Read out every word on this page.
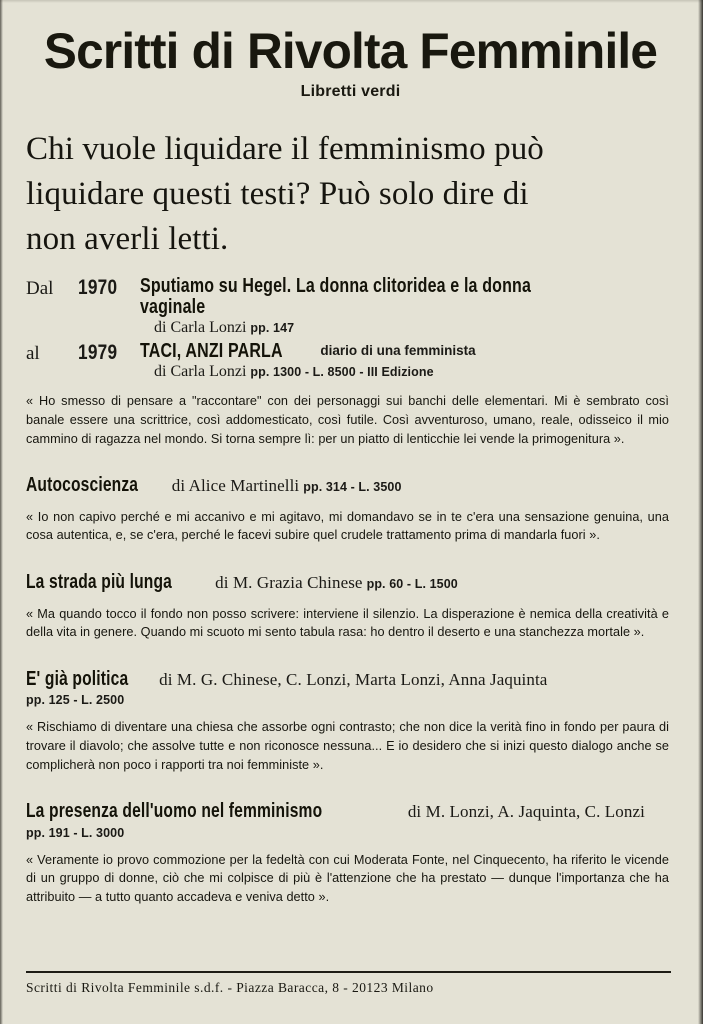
Scritti di Rivolta Femminile
Libretti verdi
Chi vuole liquidare il femminismo può
liquidare questi testi? Può solo dire di
non averli letti.
Dal	1970	Sputiamo su Hegel. La donna clitoridea e la donna vaginale
di Carla Lonzi pp. 147
al	1979	TACI, ANZI PARLA	diario di una femminista
di Carla Lonzi pp. 1300 - L. 8500 - III Edizione
« Ho smesso di pensare a "raccontare" con dei personaggi sui banchi delle elementari. Mi è sembrato così banale essere una scrittrice, così addomesticato, così futile. Così avventuroso, umano, reale, odisseico il mio cammino di ragazza nel mondo. Si torna sempre lì: per un piatto di lenticchie lei vende la primogenitura ».
Autocoscienza di Alice Martinelli pp. 314 - L. 3500
« Io non capivo perché e mi accanivo e mi agitavo, mi domandavo se in te c'era una sensazione genuina, una cosa autentica, e, se c'era, perché le facevi subire quel crudele trattamento prima di mandarla fuori ».
La strada più lunga	di M. Grazia Chinese pp. 60 - L. 1500
« Ma quando tocco il fondo non posso scrivere: interviene il silenzio. La disperazione è nemica della creatività e della vita in genere. Quando mi scuoto mi sento tabula rasa: ho dentro il deserto e una stanchezza mortale ».
E' già politica di M. G. Chinese, C. Lonzi, Marta Lonzi, Anna Jaquinta
pp. 125 - L. 2500
« Rischiamo di diventare una chiesa che assorbe ogni contrasto; che non dice la verità fino in fondo per paura di trovare il diavolo; che assolve tutte e non riconosce nessuna... E io desidero che si inizi questo dialogo anche se complicherà non poco i rapporti tra noi femministe ».
La presenza dell'uomo nel femminismo	di M. Lonzi, A. Jaquinta, C. Lonzi
pp. 191 - L. 3000
« Veramente io provo commozione per la fedeltà con cui Moderata Fonte, nel Cinquecento, ha riferito le vicende di un gruppo di donne, ciò che mi colpisce di più è l'attenzione che ha prestato — dunque l'importanza che ha attribuito — a tutto quanto accadeva e veniva detto ».
Scritti di Rivolta Femminile s.d.f. - Piazza Baracca, 8 - 20123 Milano
